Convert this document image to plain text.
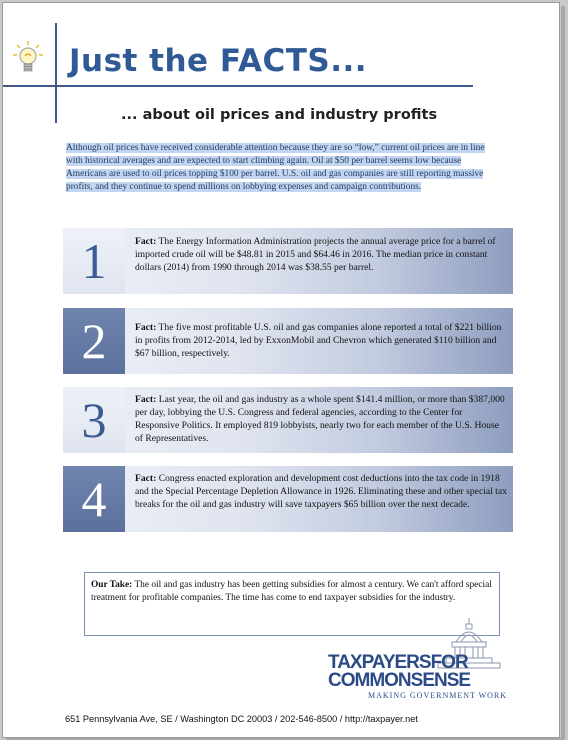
Just the FACTS...
... about oil prices and industry profits
Although oil prices have received considerable attention because they are so “low,” current oil prices are in line with historical averages and are expected to start climbing again. Oil at $50 per barrel seems low because Americans are used to oil prices topping $100 per barrel. U.S. oil and gas companies are still reporting massive profits, and they continue to spend millions on lobbying expenses and campaign contributions.
1	Fact: The Energy Information Administration projects the annual average price for a barrel of imported crude oil will be $48.81 in 2015 and $64.46 in 2016. The median price in constant dollars (2014) from 1990 through 2014 was $38.55 per barrel.
2	Fact: The five most profitable U.S. oil and gas companies alone reported a total of $221 billion in profits from 2012-2014, led by ExxonMobil and Chevron which generated $110 billion and $67 billion, respectively.
3	Fact: Last year, the oil and gas industry as a whole spent $141.4 million, or more than $387,000 per day, lobbying the U.S. Congress and federal agencies, according to the Center for Responsive Politics. It employed 819 lobbyists, nearly two for each member of the U.S. House of Representatives.
4	Fact: Congress enacted exploration and development cost deductions into the tax code in 1918 and the Special Percentage Depletion Allowance in 1926. Eliminating these and other special tax breaks for the oil and gas industry will save taxpayers $65 billion over the next decade.
Our Take: The oil and gas industry has been getting subsidies for almost a century. We can't afford special treatment for profitable companies. The time has come to end taxpayer subsidies for the industry.
TAXPAYERSFOR
COMMONSENSE
MAKING GOVERNMENT WORK
651 Pennsylvania Ave, SE / Washington DC 20003 / 202-546-8500 / http://taxpayer.net
